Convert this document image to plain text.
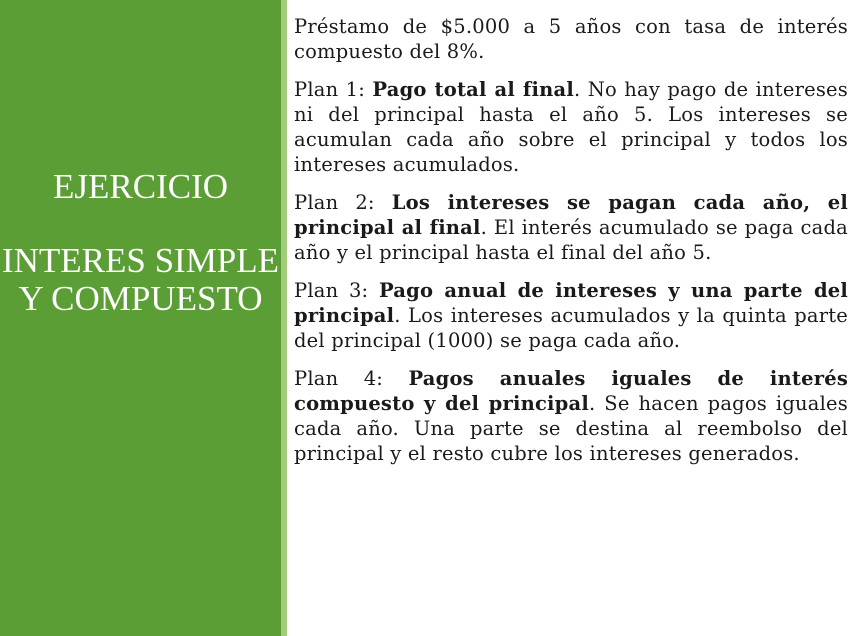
EJERCICIO
INTERES SIMPLE Y COMPUESTO

Préstamo de $5.000 a 5 años con tasa de interés compuesto del 8%.

Plan 1: Pago total al final. No hay pago de intereses ni del principal hasta el año 5. Los intereses se acumulan cada año sobre el principal y todos los intereses acumulados.

Plan 2: Los intereses se pagan cada año, el principal al final. El interés acumulado se paga cada año y el principal hasta el final del año 5.

Plan 3: Pago anual de intereses y una parte del principal. Los intereses acumulados y la quinta parte del principal (1000) se paga cada año.

Plan 4: Pagos anuales iguales de interés compuesto y del principal. Se hacen pagos iguales cada año. Una parte se destina al reembolso del principal y el resto cubre los intereses generados.
